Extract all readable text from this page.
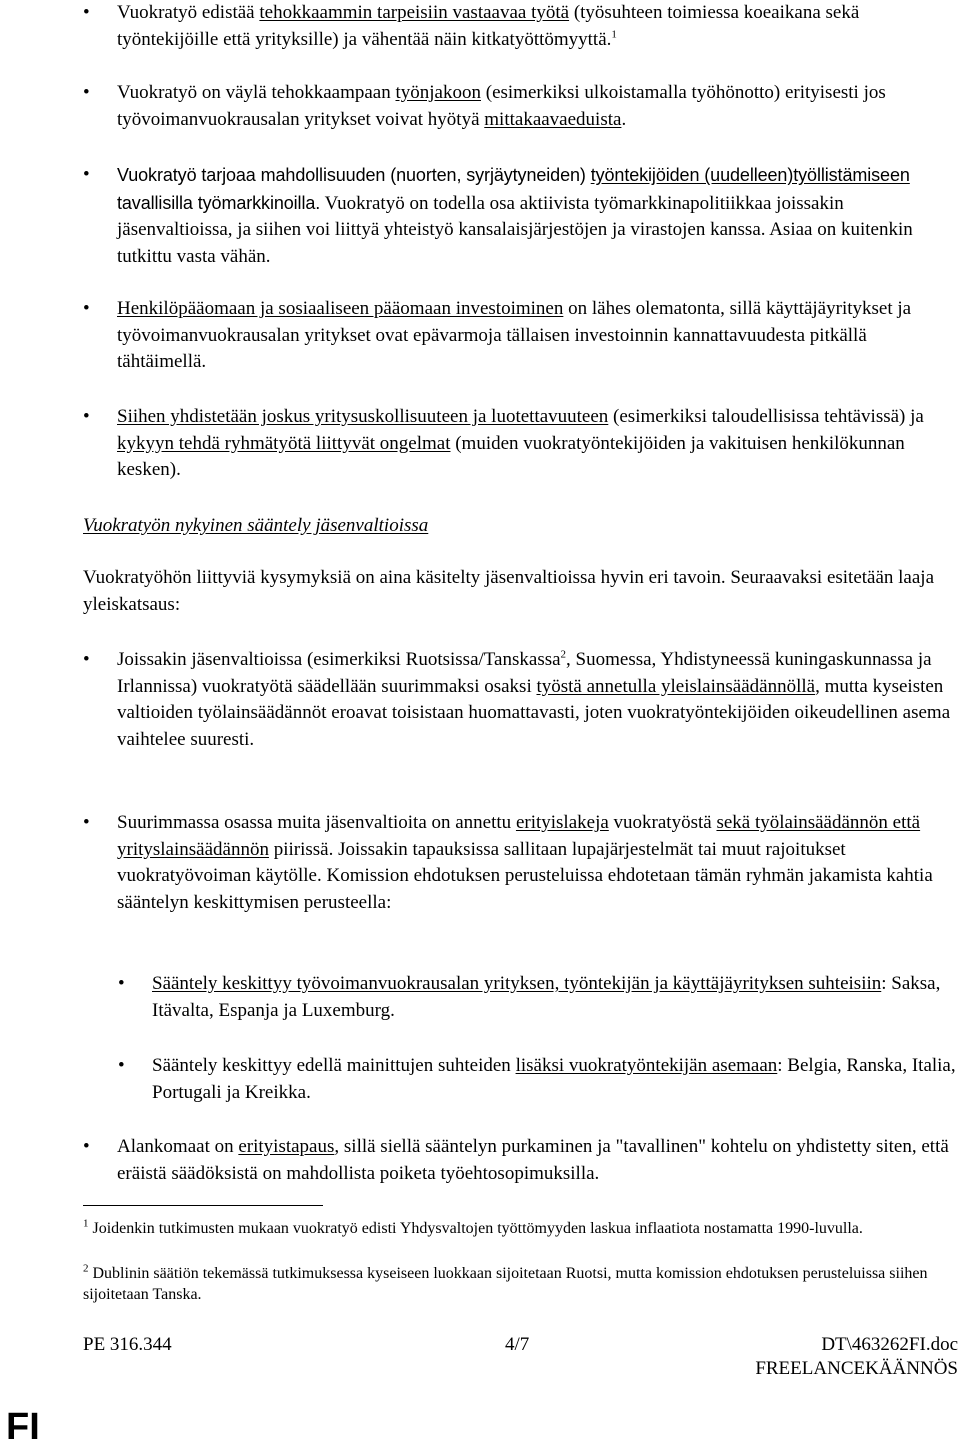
•	Vuokratyö edistää tehokkaammin tarpeisiin vastaavaa työtä (työsuhteen toimiessa koeaikana sekä työntekijöille että yrityksille) ja vähentää näin kitkatyöttömyyttä.$^1$
•	Vuokratyö on väylä tehokkaampaan työnjakoon (esimerkiksi ulkoistamalla työhönotto) erityisesti jos työvoimanvuokrausalan yritykset voivat hyötyä mittakaavaeduista.
•	Vuokratyö tarjoaa mahdollisuuden (nuorten, syrjäytyneiden) työntekijöiden (uudelleen)työllistämiseen tavallisilla työmarkkinoilla. Vuokratyö on todella osa aktiivista työmarkkinapolitiikkaa joissakin jäsenvaltioissa, ja siihen voi liittyä yhteistyö kansalaisjärjestöjen ja virastojen kanssa. Asiaa on kuitenkin tutkittu vasta vähän.
•	Henkilöpääomaan ja sosiaaliseen pääomaan investoiminen on lähes olematonta, sillä käyttäjäyritykset ja työvoimanvuokrausalan yritykset ovat epävarmoja tällaisen investoinnin kannattavuudesta pitkällä tähtäimellä.
•	Siihen yhdistetään joskus yritysuskollisuuteen ja luotettavuuteen (esimerkiksi taloudellisissa tehtävissä) ja kykyyn tehdä ryhmätyötä liittyvät ongelmat (muiden vuokratyöntekijöiden ja vakituisen henkilökunnan kesken).
Vuokratyön nykyinen sääntely jäsenvaltioissa
Vuokratyöhön liittyviä kysymyksiä on aina käsitelty jäsenvaltioissa hyvin eri tavoin. Seuraavaksi esitetään laaja yleiskatsaus:
•	Joissakin jäsenvaltioissa (esimerkiksi Ruotsissa/Tanskassa$^2$, Suomessa, Yhdistyneessä kuningaskunnassa ja Irlannissa) vuokratyötä säädellään suurimmaksi osaksi työstä annetulla yleislainsäädännöllä, mutta kyseisten valtioiden työlainsäädännöt eroavat toisistaan huomattavasti, joten vuokratyöntekijöiden oikeudellinen asema vaihtelee suuresti.
•	Suurimmassa osassa muita jäsenvaltioita on annettu erityislakeja vuokratyöstä sekä työlainsäädännön että yrityslainsäädännön piirissä. Joissakin tapauksissa sallitaan lupajärjestelmät tai muut rajoitukset vuokratyövoiman käytölle. Komission ehdotuksen perusteluissa ehdotetaan tämän ryhmän jakamista kahtia sääntelyn keskittymisen perusteella:
•	Sääntely keskittyy työvoimanvuokrausalan yrityksen, työntekijän ja käyttäjäyrityksen suhteisiin: Saksa, Itävalta, Espanja ja Luxemburg.
•	Sääntely keskittyy edellä mainittujen suhteiden lisäksi vuokratyöntekijän asemaan: Belgia, Ranska, Italia, Portugali ja Kreikka.
•	Alankomaat on erityistapaus, sillä siellä sääntelyn purkaminen ja "tavallinen" kohtelu on yhdistetty siten, että eräistä säädöksistä on mahdollista poiketa työehtosopimuksilla.
$^1$ Joidenkin tutkimusten mukaan vuokratyö edisti Yhdysvaltojen työttömyyden laskua inflaatiota nostamatta 1990-luvulla.
$^2$ Dublinin säätiön tekemässä tutkimuksessa kyseiseen luokkaan sijoitetaan Ruotsi, mutta komission ehdotuksen perusteluissa siihen sijoitetaan Tanska.
PE 316.344	4/7	DT\463262FI.doc
FREELANCEKÄÄNNÖS
FI
